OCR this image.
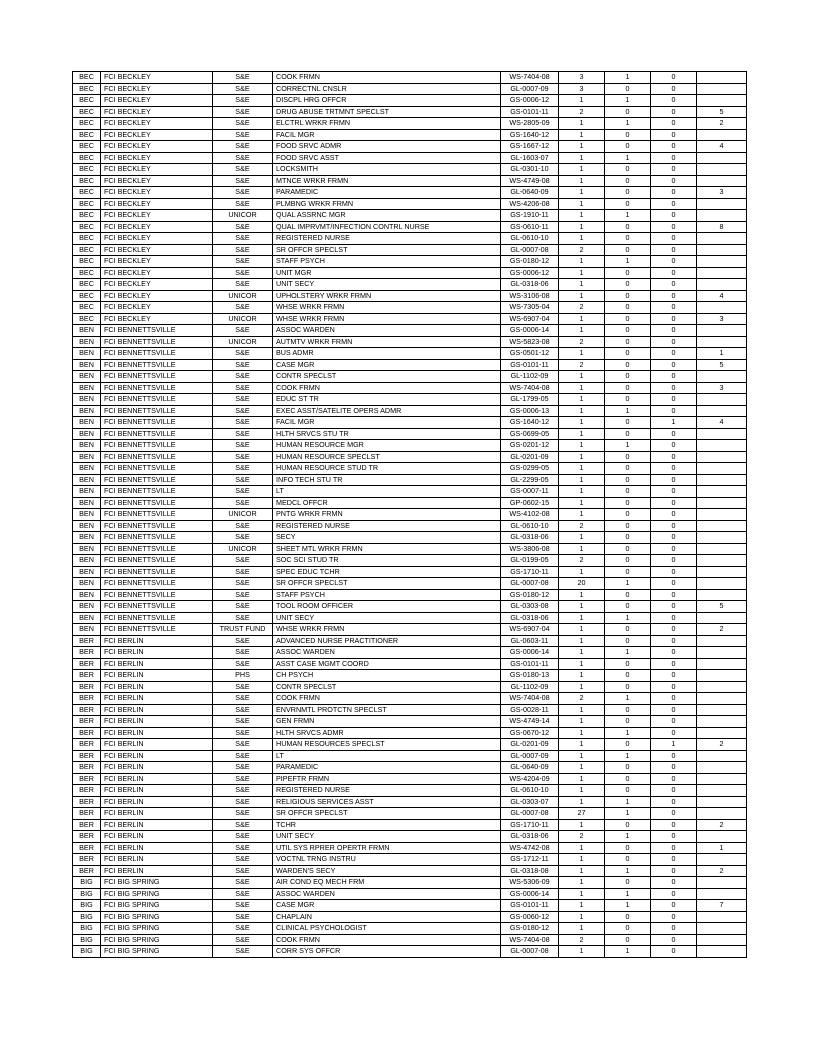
BEC	FCI BECKLEY	S&E	COOK FRMN	WS-7404-08	3	1	0	
BEC	FCI BECKLEY	S&E	CORRECTNL CNSLR	GL-0007-09	3	0	0	
BEC	FCI BECKLEY	S&E	DISCPL HRG OFFCR	GS-0006-12	1	1	0	
BEC	FCI BECKLEY	S&E	DRUG ABUSE TRTMNT SPECLST	GS-0101-11	2	0	0	5
BEC	FCI BECKLEY	S&E	ELCTRL WRKR FRMN	WS-2805-09	1	1	0	2
BEC	FCI BECKLEY	S&E	FACIL MGR	GS-1640-12	1	0	0	
BEC	FCI BECKLEY	S&E	FOOD SRVC ADMR	GS-1667-12	1	0	0	4
BEC	FCI BECKLEY	S&E	FOOD SRVC ASST	GL-1603-07	1	1	0	
BEC	FCI BECKLEY	S&E	LOCKSMITH	GL-0301-10	1	0	0	
BEC	FCI BECKLEY	S&E	MTNCE WRKR FRMN	WS-4749-08	1	0	0	
BEC	FCI BECKLEY	S&E	PARAMEDIC	GL-0640-09	1	0	0	3
BEC	FCI BECKLEY	S&E	PLMBNG WRKR FRMN	WS-4206-08	1	0	0	
BEC	FCI BECKLEY	UNICOR	QUAL ASSRNC MGR	GS-1910-11	1	1	0	
BEC	FCI BECKLEY	S&E	QUAL IMPRVMT/INFECTION CONTRL NURSE	GS-0610-11	1	0	0	8
BEC	FCI BECKLEY	S&E	REGISTERED NURSE	GL-0610-10	1	0	0	
BEC	FCI BECKLEY	S&E	SR OFFCR SPECLST	GL-0007-08	2	0	0	
BEC	FCI BECKLEY	S&E	STAFF PSYCH	GS-0180-12	1	1	0	
BEC	FCI BECKLEY	S&E	UNIT MGR	GS-0006-12	1	0	0	
BEC	FCI BECKLEY	S&E	UNIT SECY	GL-0318-06	1	0	0	
BEC	FCI BECKLEY	UNICOR	UPHOLSTERY WRKR FRMN	WS-3106-08	1	0	0	4
BEC	FCI BECKLEY	S&E	WHSE WRKR FRMN	WS-7305-04	2	0	0	
BEC	FCI BECKLEY	UNICOR	WHSE WRKR FRMN	WS-6907-04	1	0	0	3
BEN	FCI BENNETTSVILLE	S&E	ASSOC WARDEN	GS-0006-14	1	0	0	
BEN	FCI BENNETTSVILLE	UNICOR	AUTMTV WRKR FRMN	WS-5823-08	2	0	0	
BEN	FCI BENNETTSVILLE	S&E	BUS ADMR	GS-0501-12	1	0	0	1
BEN	FCI BENNETTSVILLE	S&E	CASE MGR	GS-0101-11	2	0	0	5
BEN	FCI BENNETTSVILLE	S&E	CONTR SPECLST	GL-1102-09	1	0	0	
BEN	FCI BENNETTSVILLE	S&E	COOK FRMN	WS-7404-08	1	0	0	3
BEN	FCI BENNETTSVILLE	S&E	EDUC ST TR	GL-1799-05	1	0	0	
BEN	FCI BENNETTSVILLE	S&E	EXEC ASST/SATELITE OPERS ADMR	GS-0006-13	1	1	0	
BEN	FCI BENNETTSVILLE	S&E	FACIL MGR	GS-1640-12	1	0	1	4
BEN	FCI BENNETTSVILLE	S&E	HLTH SRVCS STU TR	GS-0699-05	1	0	0	
BEN	FCI BENNETTSVILLE	S&E	HUMAN RESOURCE MGR	GS-0201-12	1	1	0	
BEN	FCI BENNETTSVILLE	S&E	HUMAN RESOURCE SPECLST	GL-0201-09	1	0	0	
BEN	FCI BENNETTSVILLE	S&E	HUMAN RESOURCE STUD TR	GS-0299-05	1	0	0	
BEN	FCI BENNETTSVILLE	S&E	INFO TECH STU TR	GL-2299-05	1	0	0	
BEN	FCI BENNETTSVILLE	S&E	LT	GS-0007-11	1	0	0	
BEN	FCI BENNETTSVILLE	S&E	MEDCL OFFCR	GP-0602-15	1	0	0	
BEN	FCI BENNETTSVILLE	UNICOR	PNTG WRKR FRMN	WS-4102-08	1	0	0	
BEN	FCI BENNETTSVILLE	S&E	REGISTERED NURSE	GL-0610-10	2	0	0	
BEN	FCI BENNETTSVILLE	S&E	SECY	GL-0318-06	1	0	0	
BEN	FCI BENNETTSVILLE	UNICOR	SHEET MTL WRKR FRMN	WS-3806-08	1	0	0	
BEN	FCI BENNETTSVILLE	S&E	SOC SCI STUD TR	GL-0199-05	2	0	0	
BEN	FCI BENNETTSVILLE	S&E	SPEC EDUC TCHR	GS-1710-11	1	0	0	
BEN	FCI BENNETTSVILLE	S&E	SR OFFCR SPECLST	GL-0007-08	20	1	0	
BEN	FCI BENNETTSVILLE	S&E	STAFF PSYCH	GS-0180-12	1	0	0	
BEN	FCI BENNETTSVILLE	S&E	TOOL ROOM OFFICER	GL-0303-08	1	0	0	5
BEN	FCI BENNETTSVILLE	S&E	UNIT SECY	GL-0318-06	1	1	0	
BEN	FCI BENNETTSVILLE	TRUST FUND	WHSE WRKR FRMN	WS-6907-04	1	0	0	2
BER	FCI BERLIN	S&E	ADVANCED NURSE PRACTITIONER	GL-0603-11	1	0	0	
BER	FCI BERLIN	S&E	ASSOC WARDEN	GS-0006-14	1	1	0	
BER	FCI BERLIN	S&E	ASST CASE MGMT COORD	GS-0101-11	1	0	0	
BER	FCI BERLIN	PHS	CH PSYCH	GS-0180-13	1	0	0	
BER	FCI BERLIN	S&E	CONTR SPECLST	GL-1102-09	1	0	0	
BER	FCI BERLIN	S&E	COOK FRMN	WS-7404-08	2	1	0	
BER	FCI BERLIN	S&E	ENVRNMTL PROTCTN SPECLST	GS-0028-11	1	0	0	
BER	FCI BERLIN	S&E	GEN FRMN	WS-4749-14	1	0	0	
BER	FCI BERLIN	S&E	HLTH SRVCS ADMR	GS-0670-12	1	1	0	
BER	FCI BERLIN	S&E	HUMAN RESOURCES SPECLST	GL-0201-09	1	0	1	2
BER	FCI BERLIN	S&E	LT	GL-0007-09	1	1	0	
BER	FCI BERLIN	S&E	PARAMEDIC	GL-0640-09	1	0	0	
BER	FCI BERLIN	S&E	PIPEFTR FRMN	WS-4204-09	1	0	0	
BER	FCI BERLIN	S&E	REGISTERED NURSE	GL-0610-10	1	0	0	
BER	FCI BERLIN	S&E	RELIGIOUS SERVICES ASST	GL-0303-07	1	1	0	
BER	FCI BERLIN	S&E	SR OFFCR SPECLST	GL-0007-08	27	1	0	
BER	FCI BERLIN	S&E	TCHR	GS-1710-11	1	0	0	2
BER	FCI BERLIN	S&E	UNIT SECY	GL-0318-06	2	1	0	
BER	FCI BERLIN	S&E	UTIL SYS RPRER OPERTR FRMN	WS-4742-08	1	0	0	1
BER	FCI BERLIN	S&E	VOCTNL TRNG INSTRU	GS-1712-11	1	0	0	
BER	FCI BERLIN	S&E	WARDEN'S SECY	GL-0318-08	1	1	0	2
BIG	FCI BIG SPRING	S&E	AIR COND EQ MECH FRM	WS-5306-09	1	0	0	
BIG	FCI BIG SPRING	S&E	ASSOC WARDEN	GS-0006-14	1	1	0	
BIG	FCI BIG SPRING	S&E	CASE MGR	GS-0101-11	1	1	0	7
BIG	FCI BIG SPRING	S&E	CHAPLAIN	GS-0060-12	1	0	0	
BIG	FCI BIG SPRING	S&E	CLINICAL PSYCHOLOGIST	GS-0180-12	1	0	0	
BIG	FCI BIG SPRING	S&E	COOK FRMN	WS-7404-08	2	0	0	
BIG	FCI BIG SPRING	S&E	CORR SYS OFFCR	GL-0007-08	1	1	0	
